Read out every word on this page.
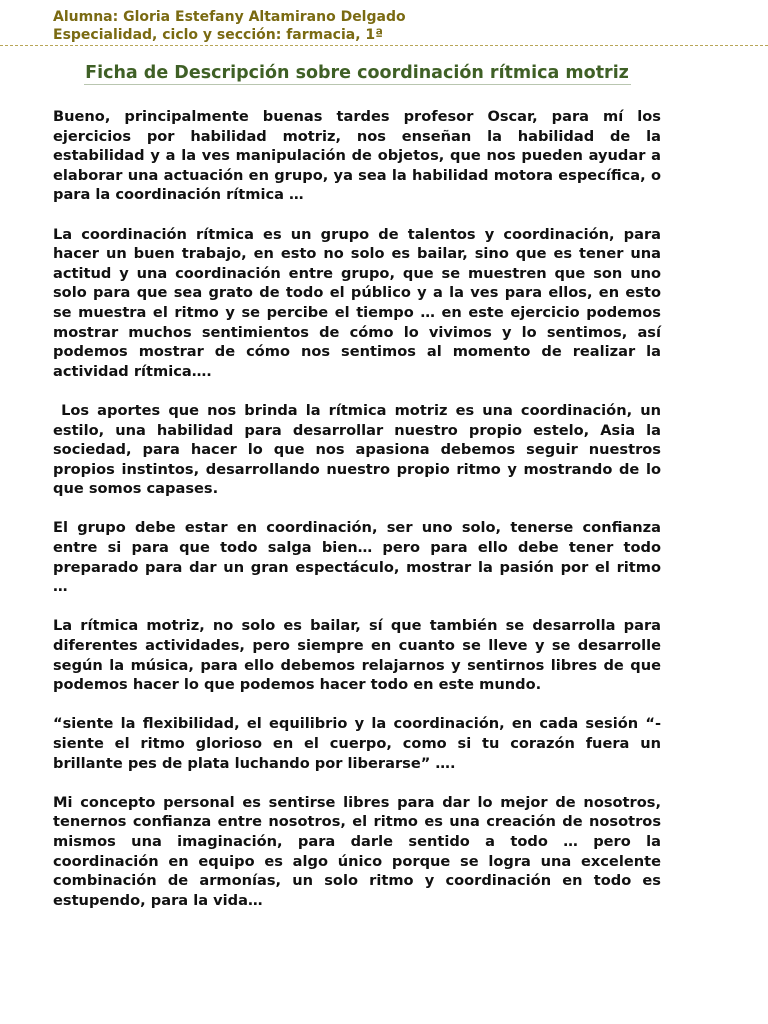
Alumna: Gloria Estefany Altamirano Delgado
Especialidad, ciclo y sección: farmacia, 1ª
Ficha de Descripción sobre coordinación rítmica motriz

Bueno, principalmente buenas tardes profesor Oscar, para mí los ejercicios por habilidad motriz, nos enseñan la habilidad de la estabilidad y a la ves manipulación de objetos, que nos pueden ayudar a elaborar una actuación en grupo, ya sea la habilidad motora específica, o para la coordinación rítmica …

La coordinación rítmica es un grupo de talentos y coordinación, para hacer un buen trabajo, en esto no solo es bailar, sino que es tener una actitud y una coordinación entre grupo, que se muestren que son uno solo para que sea grato de todo el público y a la ves para ellos, en esto se muestra el ritmo y se percibe el tiempo … en este ejercicio podemos mostrar muchos sentimientos de cómo lo vivimos y lo sentimos, así podemos mostrar de cómo nos sentimos al momento de realizar la actividad rítmica….

Los aportes que nos brinda la rítmica motriz es una coordinación, un estilo, una habilidad para desarrollar nuestro propio estelo, Asia la sociedad, para hacer lo que nos apasiona debemos seguir nuestros propios instintos, desarrollando nuestro propio ritmo y mostrando de lo que somos capases.

El grupo debe estar en coordinación, ser uno solo, tenerse confianza entre si para que todo salga bien… pero para ello debe tener todo preparado para dar un gran espectáculo, mostrar la pasión por el ritmo …

La rítmica motriz, no solo es bailar, sí que también se desarrolla para diferentes actividades, pero siempre en cuanto se lleve y se desarrolle según la música, para ello debemos relajarnos y sentirnos libres de que podemos hacer lo que podemos hacer todo en este mundo.

“siente la flexibilidad, el equilibrio y la coordinación, en cada sesión “- siente el ritmo glorioso en el cuerpo, como si tu corazón fuera un brillante pes de plata luchando por liberarse” ….

Mi concepto personal es sentirse libres para dar lo mejor de nosotros, tenernos confianza entre nosotros, el ritmo es una creación de nosotros mismos una imaginación, para darle sentido a todo … pero la coordinación en equipo es algo único porque se logra una excelente combinación de armonías, un solo ritmo y coordinación en todo es estupendo, para la vida…
